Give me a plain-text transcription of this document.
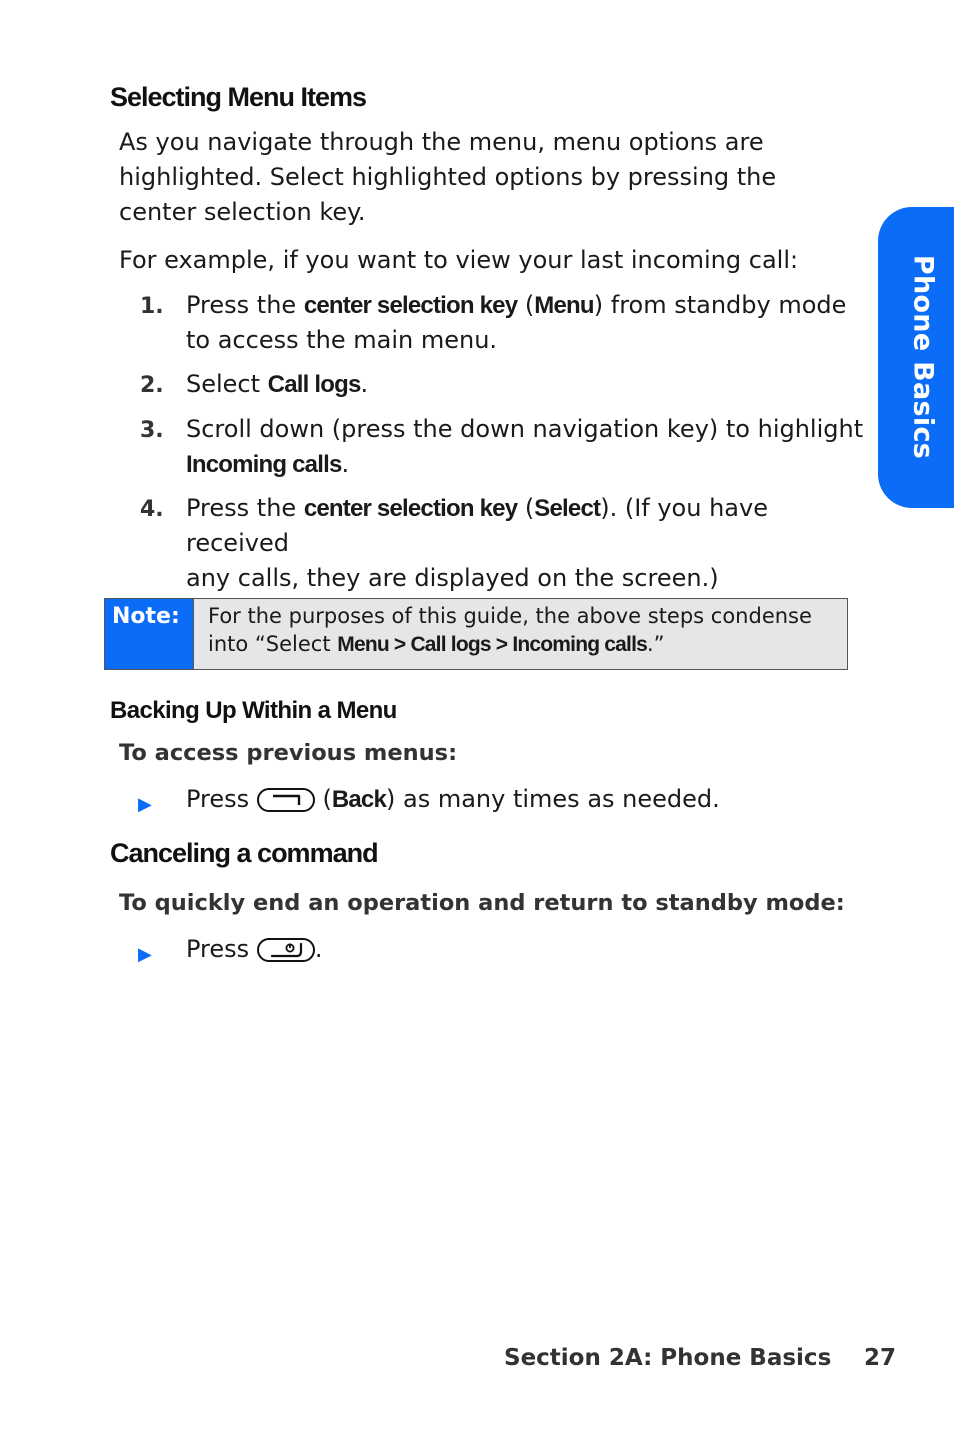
Phone Basics
Selecting Menu Items
As you navigate through the menu, menu options are
highlighted. Select highlighted options by pressing the
center selection key.
For example, if you want to view your last incoming call:
1. Press the center selection key (Menu) from standby mode
to access the main menu.
2. Select Call logs.
3. Scroll down (press the down navigation key) to highlight
Incoming calls.
4. Press the center selection key (Select). (If you have received
any calls, they are displayed on the screen.)
Note:	For the purposes of this guide, the above steps condense
into “Select Menu > Call logs > Incoming calls.”
Backing Up Within a Menu
To access previous menus:
▶ Press	(Back) as many times as needed.
Canceling a command
To quickly end an operation and return to standby mode:
▶ Press	.
Section 2A: Phone Basics 27
